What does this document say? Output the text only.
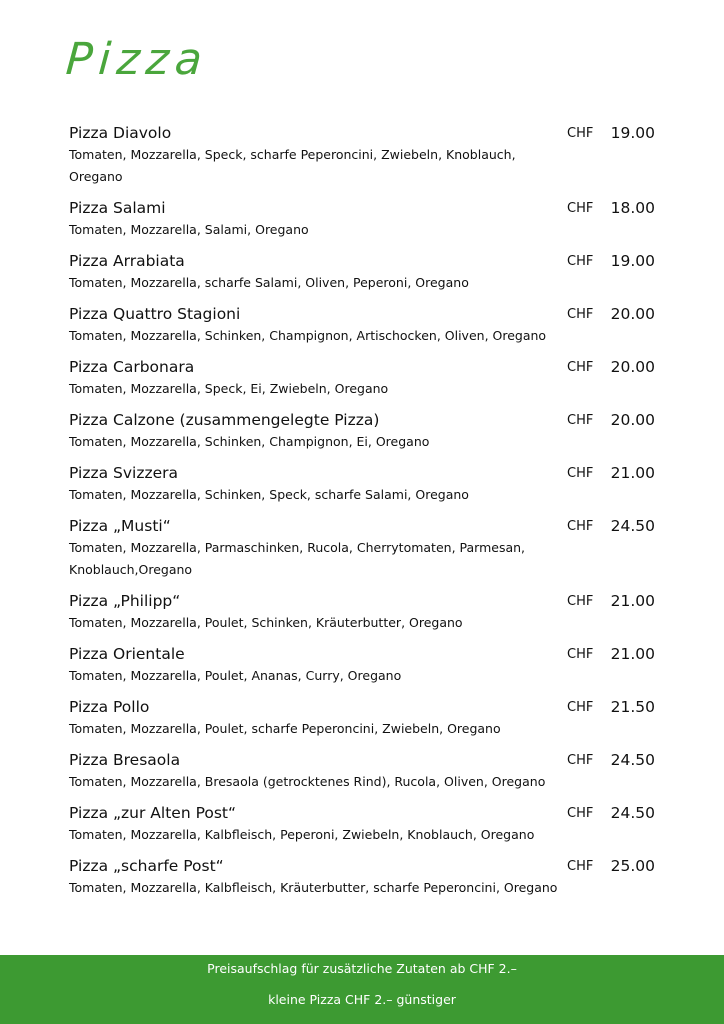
Pizza
Pizza Diavolo
Tomaten, Mozzarella, Speck, scharfe Peperoncini, Zwiebeln, Knoblauch, Oregano
CHF 19.00
Pizza Salami
Tomaten, Mozzarella, Salami, Oregano
CHF 18.00
Pizza Arrabiata
Tomaten, Mozzarella, scharfe Salami, Oliven, Peperoni, Oregano
CHF 19.00
Pizza Quattro Stagioni
Tomaten, Mozzarella, Schinken, Champignon, Artischocken, Oliven, Oregano
CHF 20.00
Pizza Carbonara
Tomaten, Mozzarella, Speck, Ei, Zwiebeln, Oregano
CHF 20.00
Pizza Calzone (zusammengelegte Pizza)
Tomaten, Mozzarella, Schinken, Champignon, Ei, Oregano
CHF 20.00
Pizza Svizzera
Tomaten, Mozzarella, Schinken, Speck, scharfe Salami, Oregano
CHF 21.00
Pizza „Musti“
Tomaten, Mozzarella, Parmaschinken, Rucola, Cherrytomaten, Parmesan, Knoblauch,Oregano
CHF 24.50
Pizza „Philipp“
Tomaten, Mozzarella, Poulet, Schinken, Kräuterbutter, Oregano
CHF 21.00
Pizza Orientale
Tomaten, Mozzarella, Poulet, Ananas, Curry, Oregano
CHF 21.00
Pizza Pollo
Tomaten, Mozzarella, Poulet, scharfe Peperoncini, Zwiebeln, Oregano
CHF 21.50
Pizza Bresaola
Tomaten, Mozzarella, Bresaola (getrocktenes Rind), Rucola, Oliven, Oregano
CHF 24.50
Pizza „zur Alten Post“
Tomaten, Mozzarella, Kalbfleisch, Peperoni, Zwiebeln, Knoblauch, Oregano
CHF 24.50
Pizza „scharfe Post“
Tomaten, Mozzarella, Kalbfleisch, Kräuterbutter, scharfe Peperoncini, Oregano
CHF 25.00
Preisaufschlag für zusätzliche Zutaten ab CHF 2.–
kleine Pizza CHF 2.– günstiger
